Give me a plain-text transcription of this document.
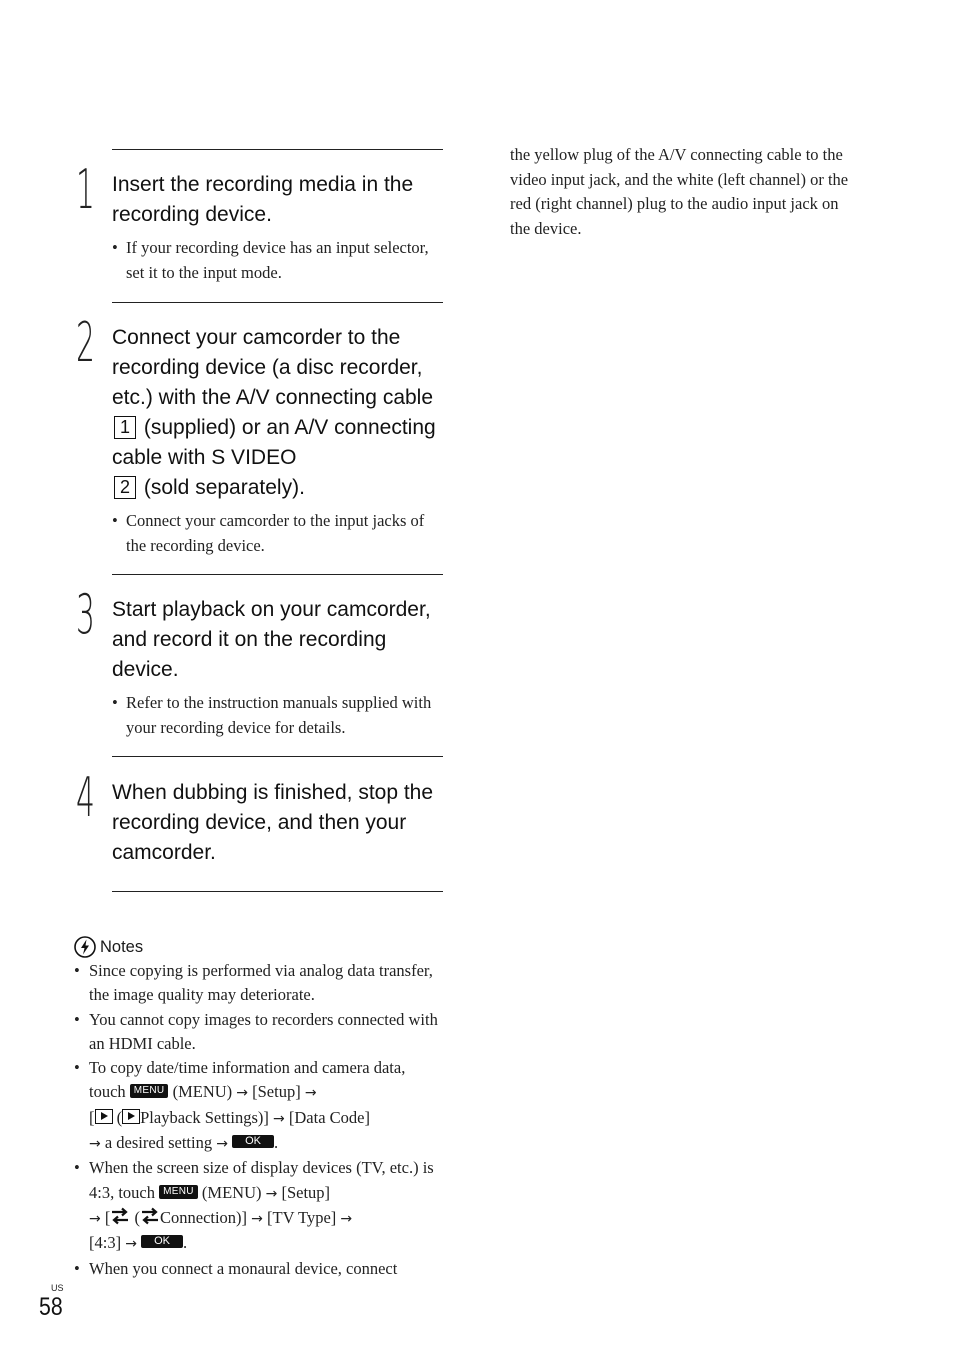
1 Insert the recording media in the recording device.
• If your recording device has an input selector, set it to the input mode.
2 Connect your camcorder to the recording device (a disc recorder, etc.) with the A/V connecting cable 1 (supplied) or an A/V connecting cable with S VIDEO
2 (sold separately).
• Connect your camcorder to the input jacks of the recording device.
3 Start playback on your camcorder, and record it on the recording device.
• Refer to the instruction manuals supplied with your recording device for details.
4 When dubbing is finished, stop the recording device, and then your camcorder.
Notes
• Since copying is performed via analog data transfer, the image quality may deteriorate.
• You cannot copy images to recorders connected with an HDMI cable.
• To copy date/time information and camera data, touch MENU (MENU) → [Setup] →
[ ( Playback Settings)] → [Data Code]
→ a desired setting → OK .
• When the screen size of display devices (TV, etc.) is 4:3, touch MENU (MENU) → [Setup]
→ [ ( Connection)] → [TV Type] →
[4:3] → OK .
• When you connect a monaural device, connect
the yellow plug of the A/V connecting cable to the video input jack, and the white (left channel) or the red (right channel) plug to the audio input jack on the device.
US
58
